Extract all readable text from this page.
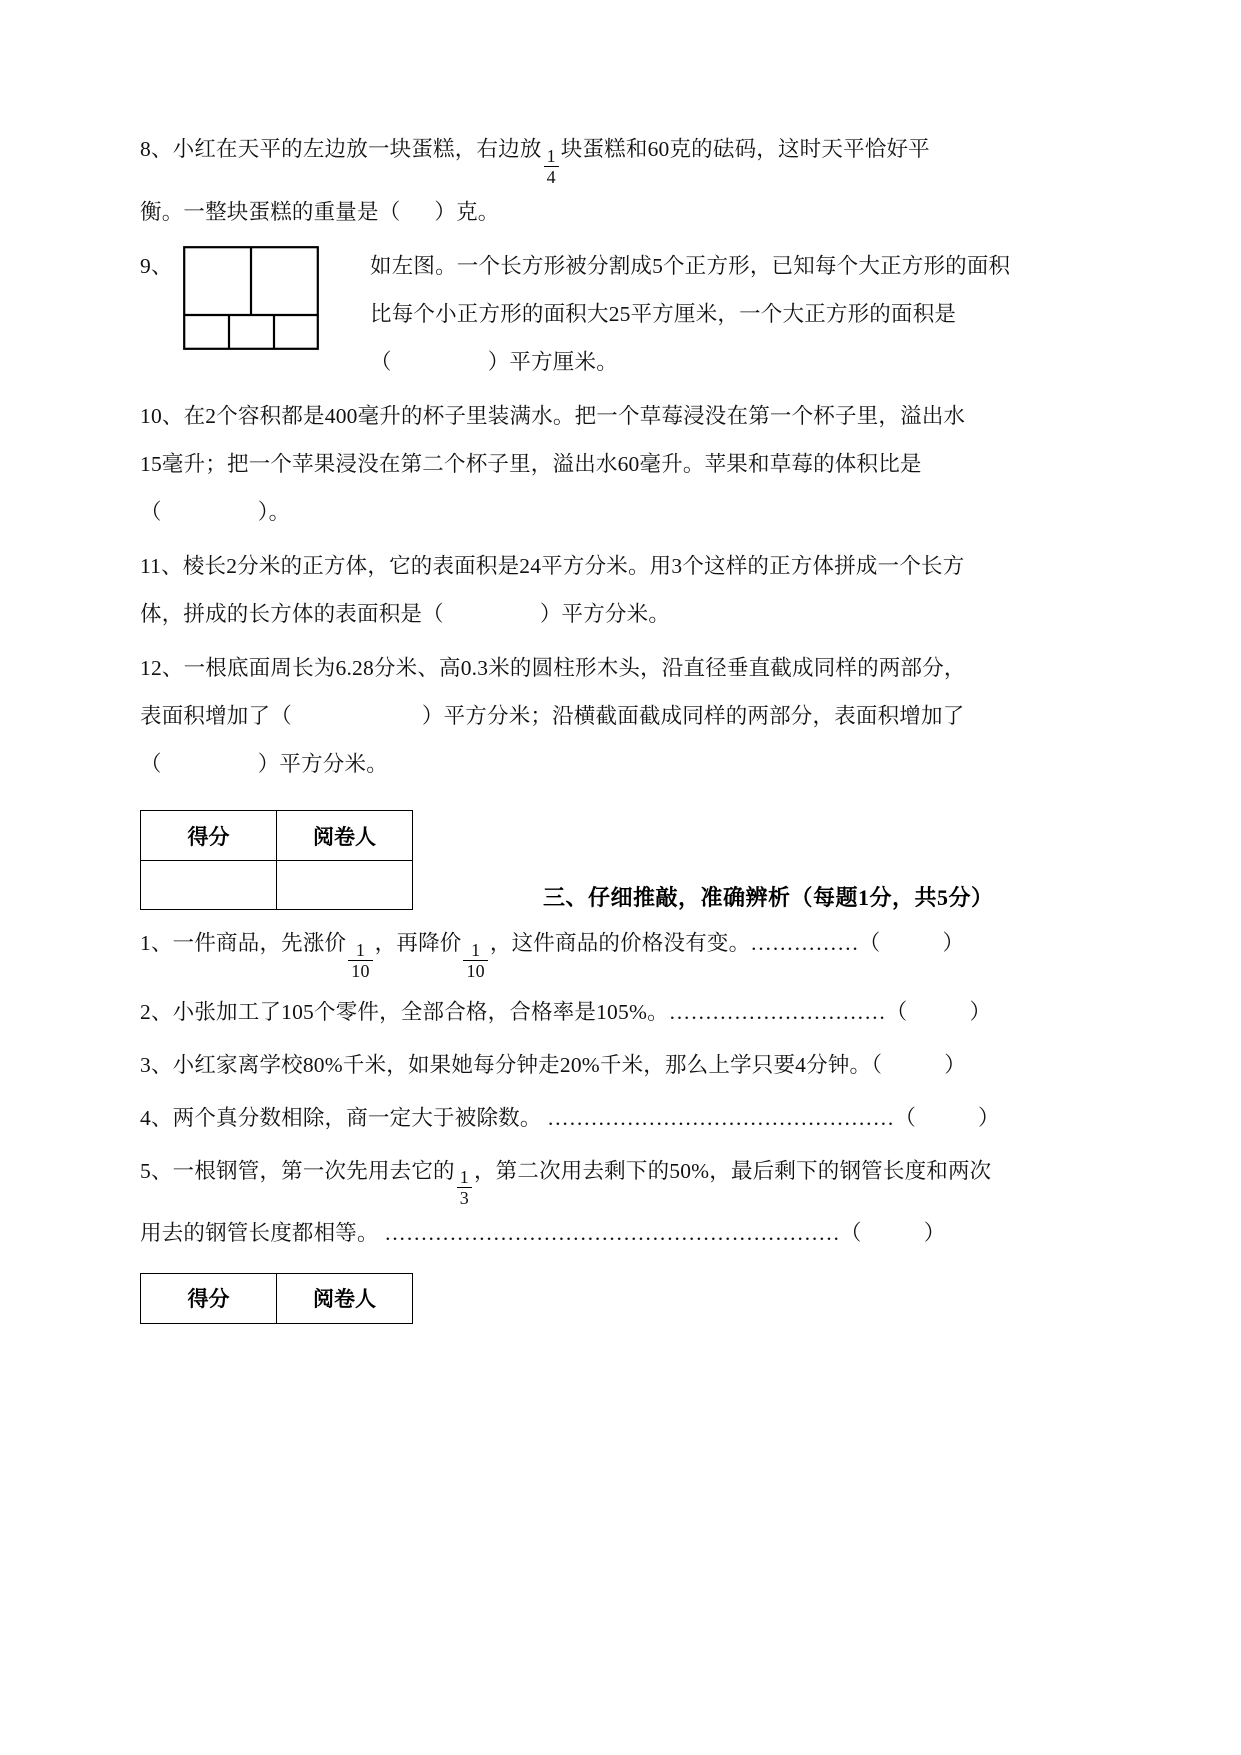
8、小红在天平的左边放一块蛋糕，右边放 $\frac{1}{4}$ 块蛋糕和60克的砝码，这时天平恰好平
衡。一整块蛋糕的重量是（ ）克。
9、	如左图。一个长方形被分割成5个正方形，已知每个大正方形的面积
比每个小正方形的面积大25平方厘米，一个大正方形的面积是
（	）平方厘米。
10、在2个容积都是400毫升的杯子里装满水。把一个草莓浸没在第一个杯子里，溢出水
15毫升；把一个苹果浸没在第二个杯子里，溢出水60毫升。苹果和草莓的体积比是
（	）。
11、棱长2分米的正方体，它的表面积是24平方分米。用3个这样的正方体拼成一个长方
体，拼成的长方体的表面积是（	）平方分米。
12、一根底面周长为6.28分米、高0.3米的圆柱形木头，沿直径垂直截成同样的两部分，
表面积增加了（	）平方分米；沿横截面截成同样的两部分，表面积增加了
（	）平方分米。
得分	阅卷人

三、仔细推敲，准确辨析（每题1分，共5分）
1、一件商品，先涨价 $\frac{1}{10}$ ，再降价 $\frac{1}{10}$ ，这件商品的价格没有变。……………（	）
2、小张加工了105个零件，全部合格，合格率是105%。…………………………（	）
3、小红家离学校80%千米，如果她每分钟走20%千米，那么上学只要4分钟。（	）
4、两个真分数相除，商一定大于被除数。 …………………………………………（	）
5、一根钢管，第一次先用去它的 $\frac{1}{3}$ ，第二次用去剩下的50%，最后剩下的钢管长度和两次
用去的钢管长度都相等。 ………………………………………………………（	）
得分	阅卷人
